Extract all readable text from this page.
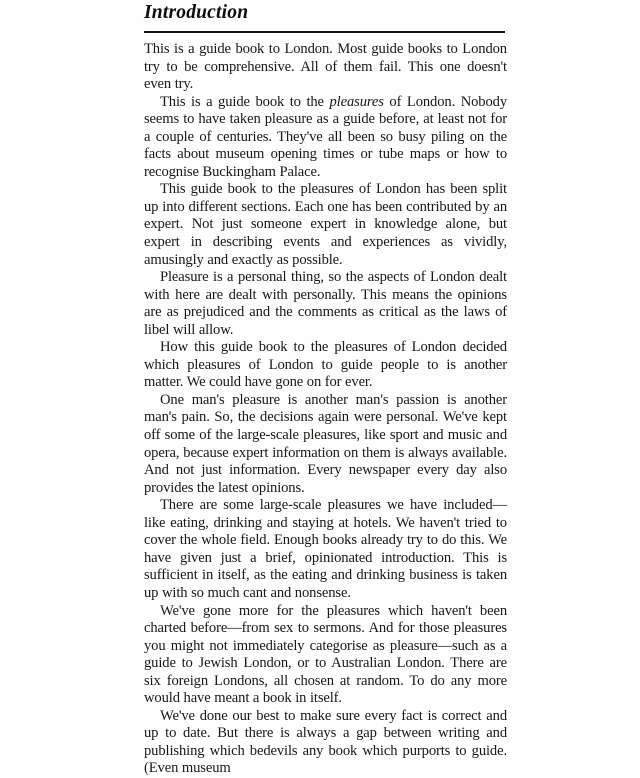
Introduction

This is a guide book to London. Most guide books to London try to be comprehensive. All of them fail. This one doesn't even try.

This is a guide book to the pleasures of London. Nobody seems to have taken pleasure as a guide before, at least not for a couple of centuries. They've all been so busy piling on the facts about museum opening times or tube maps or how to recognise Buckingham Palace.

This guide book to the pleasures of London has been split up into different sections. Each one has been contributed by an expert. Not just someone expert in knowledge alone, but expert in describing events and experiences as vividly, amusingly and exactly as possible.

Pleasure is a personal thing, so the aspects of London dealt with here are dealt with personally. This means the opinions are as prejudiced and the comments as critical as the laws of libel will allow.

How this guide book to the pleasures of London decided which pleasures of London to guide people to is another matter. We could have gone on for ever.

One man's pleasure is another man's passion is another man's pain. So, the decisions again were personal. We've kept off some of the large-scale pleasures, like sport and music and opera, because expert information on them is always available. And not just information. Every newspaper every day also provides the latest opinions.

There are some large-scale pleasures we have included—like eating, drinking and staying at hotels. We haven't tried to cover the whole field. Enough books already try to do this. We have given just a brief, opinionated introduction. This is sufficient in itself, as the eating and drinking business is taken up with so much cant and nonsense.

We've gone more for the pleasures which haven't been charted before—from sex to sermons. And for those pleasures you might not immediately categorise as pleasure—such as a guide to Jewish London, or to Australian London. There are six foreign Londons, all chosen at random. To do any more would have meant a book in itself.

We've done our best to make sure every fact is correct and up to date. But there is always a gap between writing and publishing which bedevils any book which purports to guide. (Even museum
